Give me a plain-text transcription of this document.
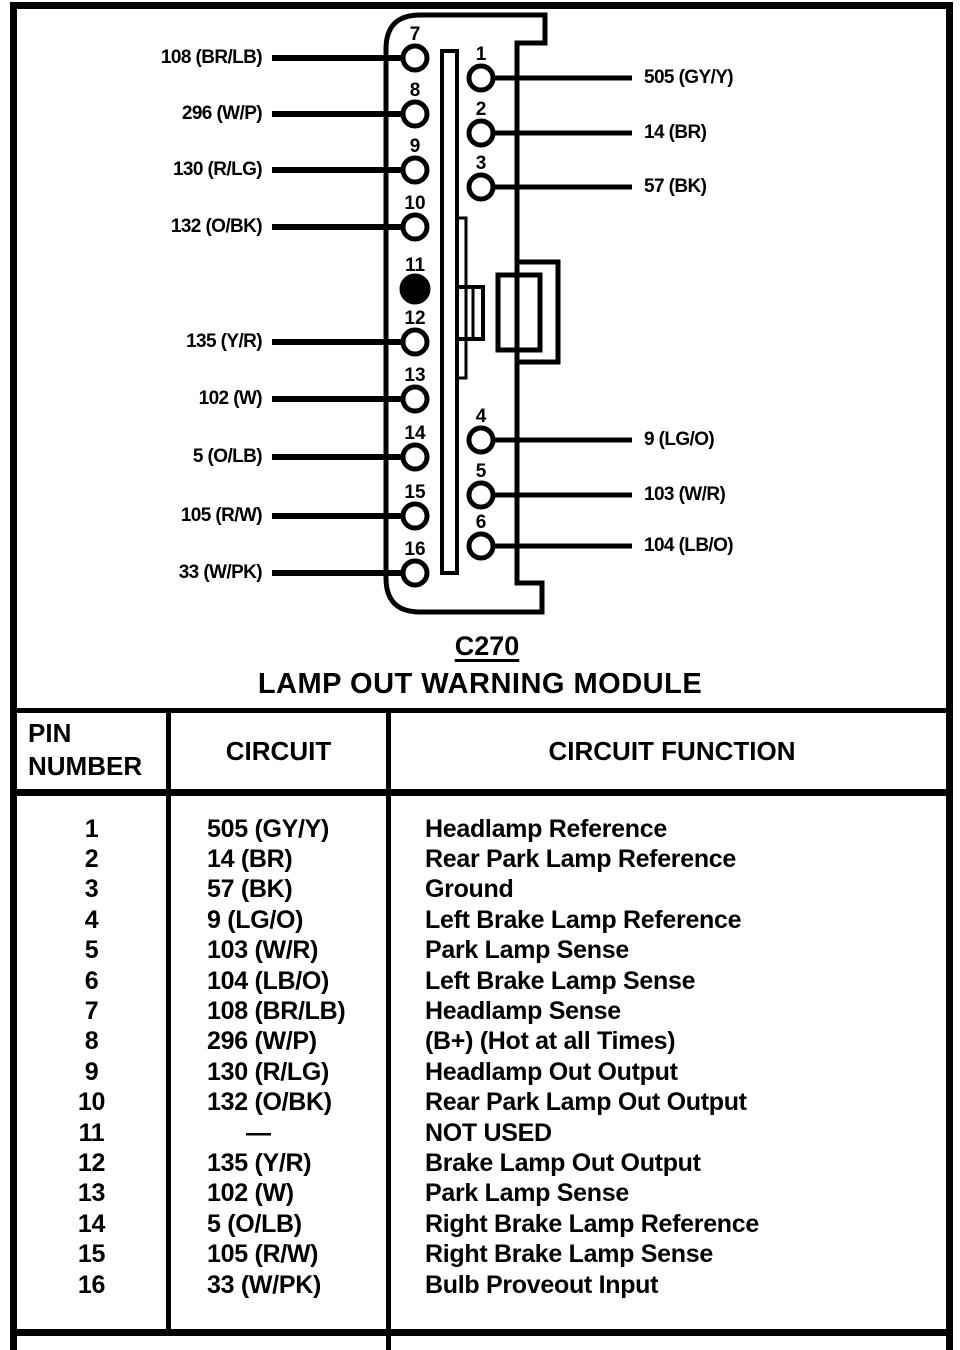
7
8
9
10
11
12
13
14
15
16
1
2
3
4
5
6
108 (BR/LB)
296 (W/P)
130 (R/LG)
132 (O/BK)
135 (Y/R)
102 (W)
5 (O/LB)
105 (R/W)
33 (W/PK)
505 (GY/Y)
14 (BR)
57 (BK)
9 (LG/O)
103 (W/R)
104 (LB/O)
C270
LAMP OUT WARNING MODULE
PIN
NUMBER	CIRCUIT	CIRCUIT FUNCTION
1	505 (GY/Y)	Headlamp Reference
2	14 (BR)	Rear Park Lamp Reference
3	57 (BK)	Ground
4	9 (LG/O)	Left Brake Lamp Reference
5	103 (W/R)	Park Lamp Sense
6	104 (LB/O)	Left Brake Lamp Sense
7	108 (BR/LB)	Headlamp Sense
8	296 (W/P)	(B+) (Hot at all Times)
9	130 (R/LG)	Headlamp Out Output
10	132 (O/BK)	Rear Park Lamp Out Output
11	—	NOT USED
12	135 (Y/R)	Brake Lamp Out Output
13	102 (W)	Park Lamp Sense
14	5 (O/LB)	Right Brake Lamp Reference
15	105 (R/W)	Right Brake Lamp Sense
16	33 (W/PK)	Bulb Proveout Input
